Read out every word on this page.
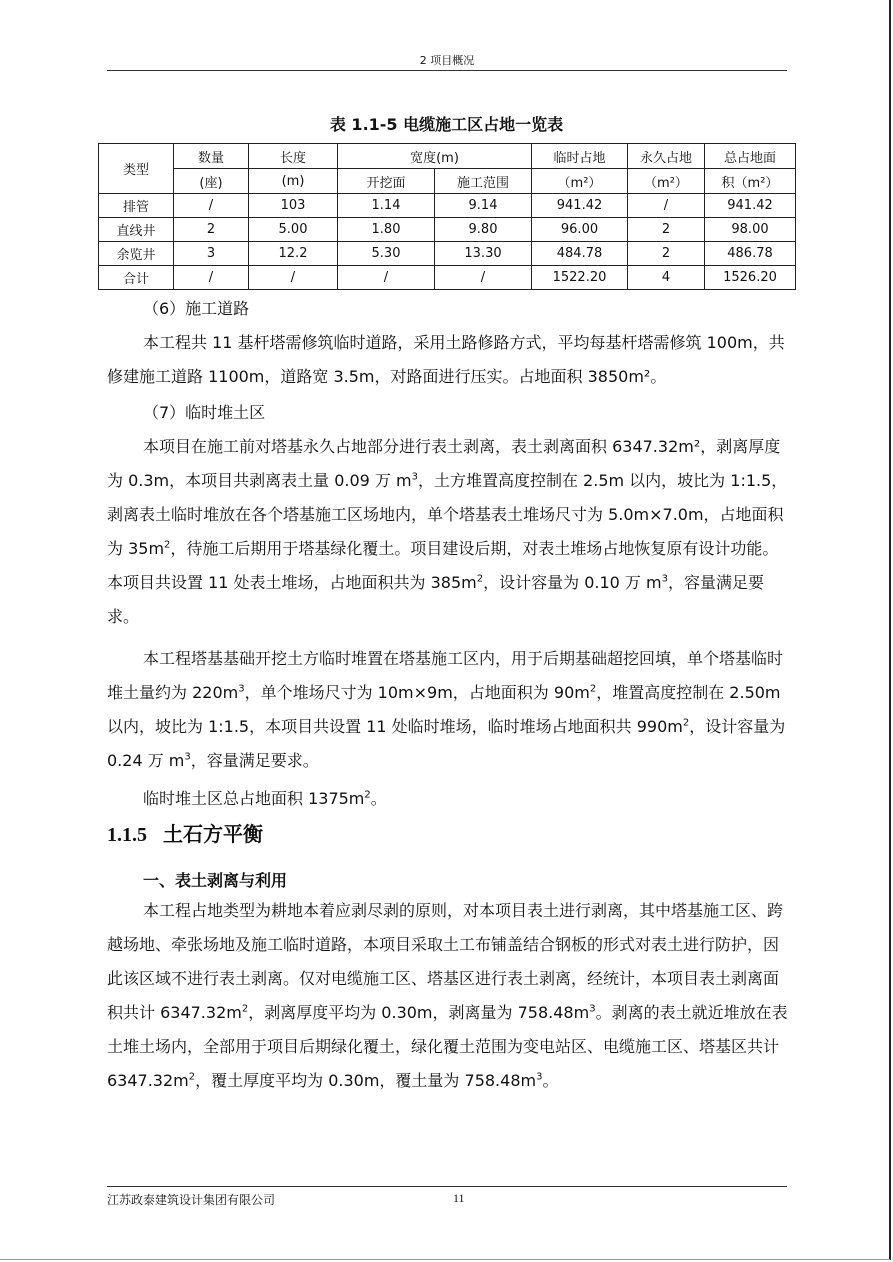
2 项目概况
表 1.1-5 电缆施工区占地一览表
类型	数量	长度	宽度(m)		临时占地	永久占地	总占地面
	(座)	(m)	开挖面	施工范围	（m²）	（m²）	积（m²）
排管	/	103	1.14	9.14	941.42	/	941.42
直线井	2	5.00	1.80	9.80	96.00	2	98.00
余览井	3	12.2	5.30	13.30	484.78	2	486.78
合计	/	/	/	/	1522.20	4	1526.20
（6）施工道路
本工程共 11 基杆塔需修筑临时道路，采用土路修路方式，平均每基杆塔需修筑 100m，共修建施工道路 1100m，道路宽 3.5m，对路面进行压实。占地面积 3850m²。
（7）临时堆土区
本项目在施工前对塔基永久占地部分进行表土剥离，表土剥离面积 6347.32m²，剥离厚度为 0.3m，本项目共剥离表土量 0.09 万 $m^3$，土方堆置高度控制在 2.5m 以内，坡比为 1:1.5，剥离表土临时堆放在各个塔基施工区场地内，单个塔基表土堆场尺寸为 5.0m×7.0m，占地面积为 $35m^2$，待施工后期用于塔基绿化覆土。项目建设后期，对表土堆场占地恢复原有设计功能。本项目共设置 11 处表土堆场，占地面积共为 $385m^2$，设计容量为 0.10 万 $m^3$，容量满足要求。
本工程塔基基础开挖土方临时堆置在塔基施工区内，用于后期基础超挖回填，单个塔基临时堆土量约为 $220m^3$，单个堆场尺寸为 10m×9m，占地面积为 $90m^2$，堆置高度控制在 2.50m 以内，坡比为 1:1.5，本项目共设置 11 处临时堆场，临时堆场占地面积共 $990m^2$，设计容量为 0.24 万 $m^3$，容量满足要求。
临时堆土区总占地面积 $1375m^2$。
1.1.5 土石方平衡
一、表土剥离与利用
本工程占地类型为耕地本着应剥尽剥的原则，对本项目表土进行剥离，其中塔基施工区、跨越场地、牵张场地及施工临时道路，本项目采取土工布铺盖结合钢板的形式对表土进行防护，因此该区域不进行表土剥离。仅对电缆施工区、塔基区进行表土剥离，经统计，本项目表土剥离面积共计 $6347.32m^2$，剥离厚度平均为 0.30m，剥离量为 $758.48m^3$。剥离的表土就近堆放在表土堆土场内，全部用于项目后期绿化覆土，绿化覆土范围为变电站区、电缆施工区、塔基区共计 $6347.32m^2$，覆土厚度平均为 0.30m，覆土量为 $758.48m^3$。
江苏政泰建筑设计集团有限公司	11
